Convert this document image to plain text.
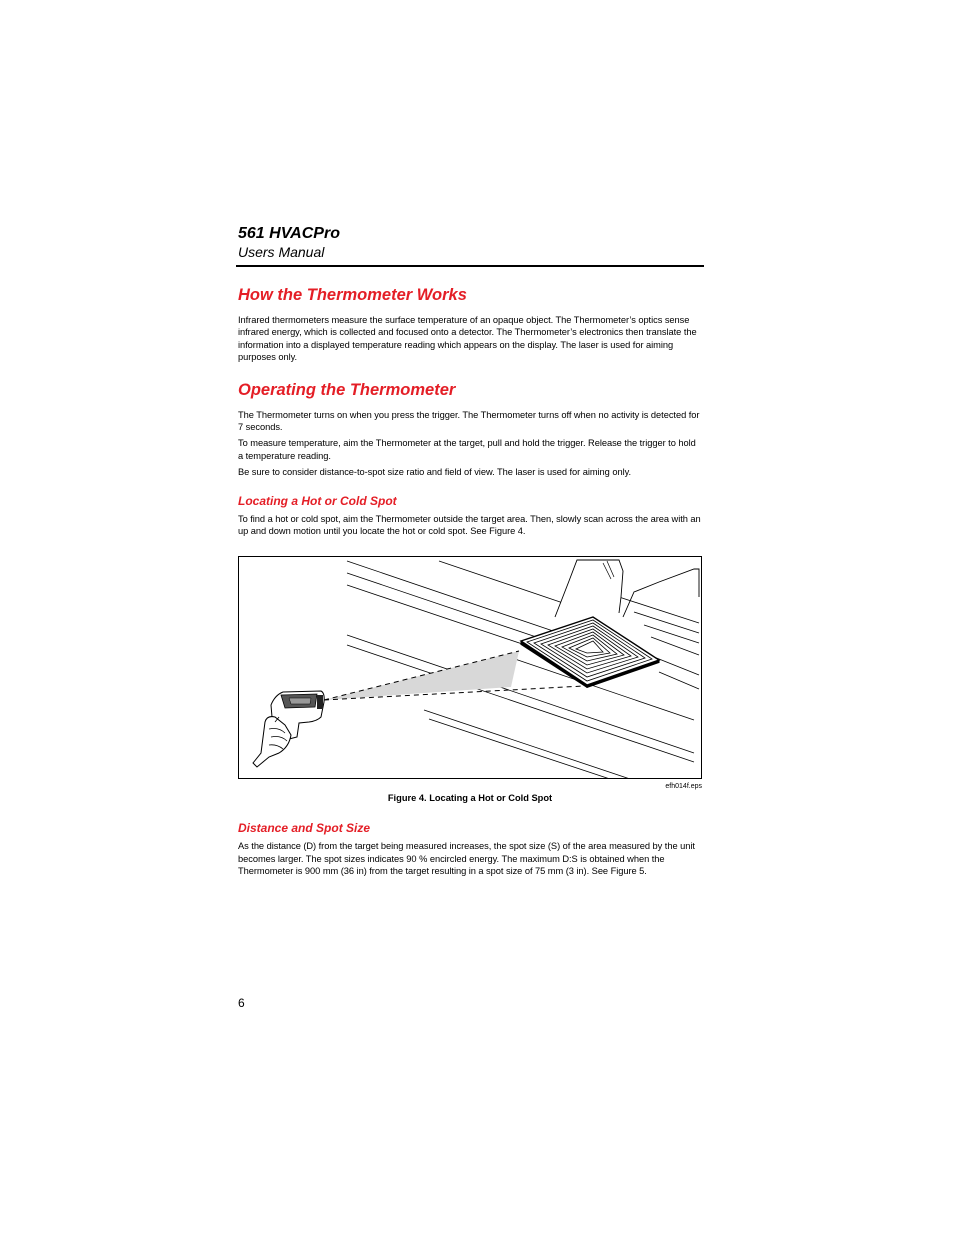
561 HVACPro
Users Manual
How the Thermometer Works

Infrared thermometers measure the surface temperature of an opaque object. The Thermometer’s optics sense infrared energy, which is collected and focused onto a detector. The Thermometer’s electronics then translate the information into a displayed temperature reading which appears on the display. The laser is used for aiming purposes only.

Operating the Thermometer

The Thermometer turns on when you press the trigger. The Thermometer turns off when no activity is detected for 7 seconds.

To measure temperature, aim the Thermometer at the target, pull and hold the trigger. Release the trigger to hold a temperature reading.

Be sure to consider distance-to-spot size ratio and field of view. The laser is used for aiming only.

Locating a Hot or Cold Spot

To find a hot or cold spot, aim the Thermometer outside the target area. Then, slowly scan across the area with an up and down motion until you locate the hot or cold spot. See Figure 4.

efh014f.eps
Figure 4. Locating a Hot or Cold Spot
Distance and Spot Size

As the distance (D) from the target being measured increases, the spot size (S) of the area measured by the unit becomes larger. The spot sizes indicates 90 % encircled energy. The maximum D:S is obtained when the Thermometer is 900 mm (36 in) from the target resulting in a spot size of 75 mm (3 in). See Figure 5.

6
